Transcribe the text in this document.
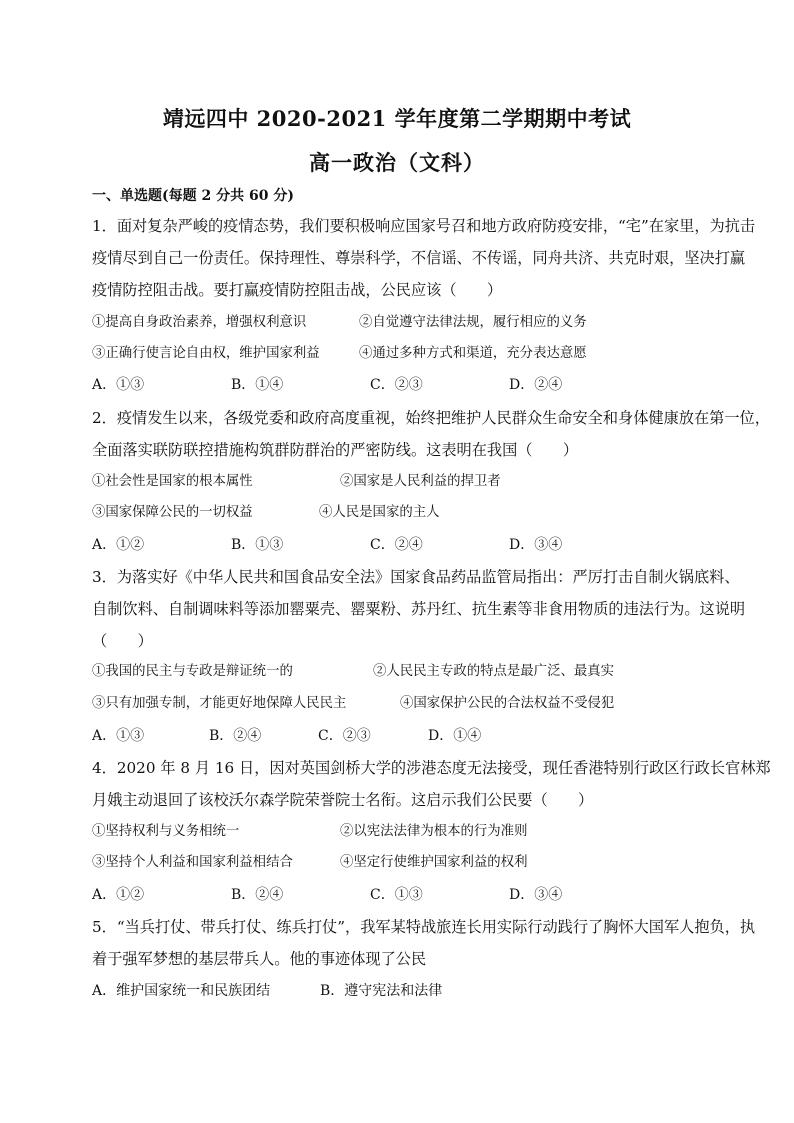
靖远四中 2020-2021 学年度第二学期期中考试
高一政治（文科）
一、单选题(每题 2 分共 60 分)
1．面对复杂严峻的疫情态势，我们要积极响应国家号召和地方政府防疫安排，“宅”在家里，为抗击
疫情尽到自己一份责任。保持理性、尊崇科学，不信谣、不传谣，同舟共济、共克时艰，坚决打赢
疫情防控阻击战。要打赢疫情防控阻击战，公民应该（　　）
①提高自身政治素养，增强权利意识	②自觉遵守法律法规，履行相应的义务
③正确行使言论自由权，维护国家利益	④通过多种方式和渠道，充分表达意愿
A．①③	B．①④	C．②③	D．②④
2．疫情发生以来，各级党委和政府高度重视，始终把维护人民群众生命安全和身体健康放在第一位，
全面落实联防联控措施构筑群防群治的严密防线。这表明在我国（　　）
①社会性是国家的根本属性	②国家是人民利益的捍卫者
③国家保障公民的一切权益	④人民是国家的主人
A．①②	B．①③	C．②④	D．③④
3．为落实好《中华人民共和国食品安全法》国家食品药品监管局指出：严厉打击自制火锅底料、
自制饮料、自制调味料等添加罂粟壳、罂粟粉、苏丹红、抗生素等非食用物质的违法行为。这说明
（　　）
①我国的民主与专政是辩证统一的	②人民民主专政的特点是最广泛、最真实
③只有加强专制，才能更好地保障人民民主	④国家保护公民的合法权益不受侵犯
A．①③	B．②④	C．②③	D．①④
4．2020 年 8 月 16 日，因对英国剑桥大学的涉港态度无法接受，现任香港特别行政区行政长官林郑
月娥主动退回了该校沃尔森学院荣誉院士名衔。这启示我们公民要（　　）
①坚持权利与义务相统一	②以宪法法律为根本的行为准则
③坚持个人利益和国家利益相结合	④坚定行使维护国家利益的权利
A．①②	B．②④	C．①③	D．③④
5．“当兵打仗、带兵打仗、练兵打仗”，我军某特战旅连长用实际行动践行了胸怀大国军人抱负，执
着于强军梦想的基层带兵人。他的事迹体现了公民
A．维护国家统一和民族团结	B．遵守宪法和法律
